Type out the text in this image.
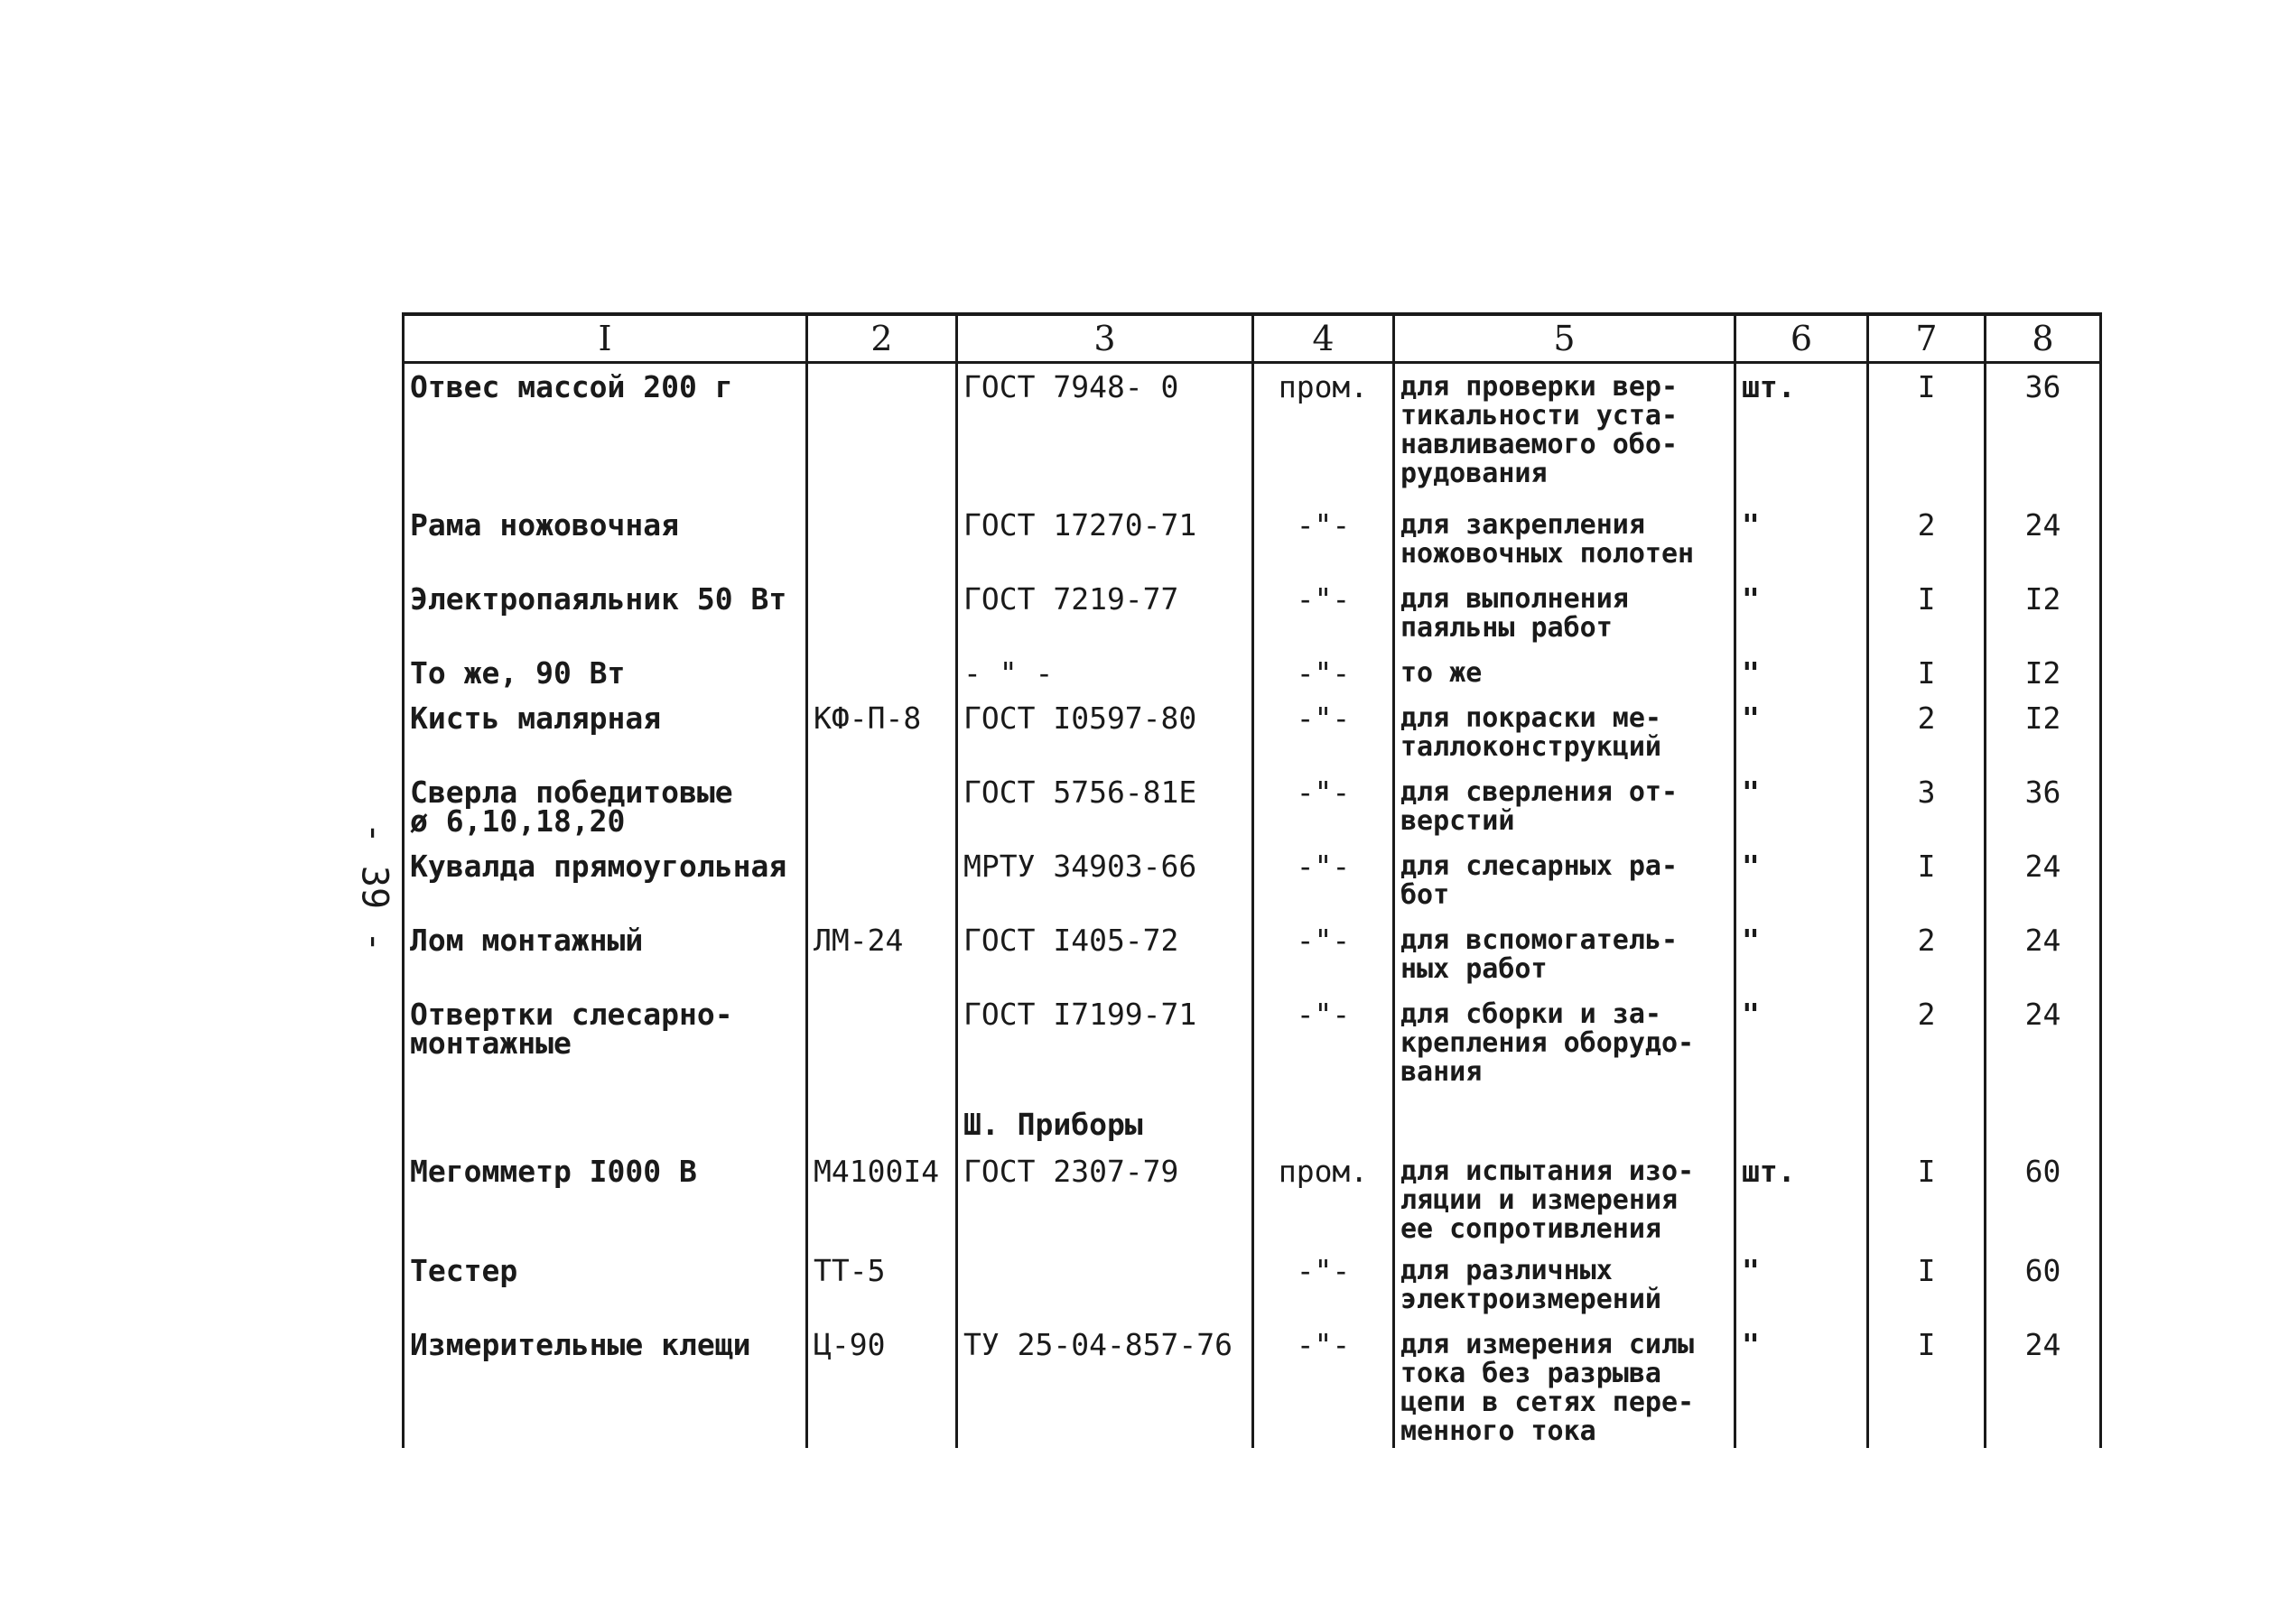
- 39 -
I	2	3	4	5	6	7	8
Отвес массой 200 г		ГОСТ 7948- 0	пром.	для проверки вер-
тикальности уста-
навливаемого обо-
рудования	шт.	I	36
Рама ножовочная		ГОСТ 17270-71	-"-	для закрепления
ножовочных полотен	"	2	24
Электропаяльник 50 Вт		ГОСТ 7219-77	-"-	для выполнения
паяльны работ	"	I	I2
То же, 90 Вт		- " -	-"-	то же	"	I	I2
Кисть малярная	КФ-П-8	ГОСТ I0597-80	-"-	для покраски ме-
таллоконструкций	"	2	I2
Сверла победитовые
ø 6,10,18,20		ГОСТ 5756-81Е	-"-	для сверления от-
верстий	"	3	36
Кувалда прямоугольная		МРТУ 34903-66	-"-	для слесарных ра-
бот	"	I	24
Лом монтажный	ЛМ-24	ГОСТ I405-72	-"-	для вспомогатель-
ных работ	"	2	24
Отвертки слесарно-
монтажные		ГОСТ I7199-71	-"-	для сборки и за-
крепления оборудо-
вания	"	2	24
		Ш. Приборы					
Мегомметр I000 В	М4100I4	ГОСТ 2307-79	пром.	для испытания изо-
ляции и измерения
ее сопротивления	шт.	I	60
Тестер	ТТ-5		-"-	для различных
электроизмерений	"	I	60
Измерительные клещи	Ц-90	ТУ 25-04-857-76	-"-	для измерения силы
тока без разрыва
цепи в сетях пере-
менного тока	"	I	24
